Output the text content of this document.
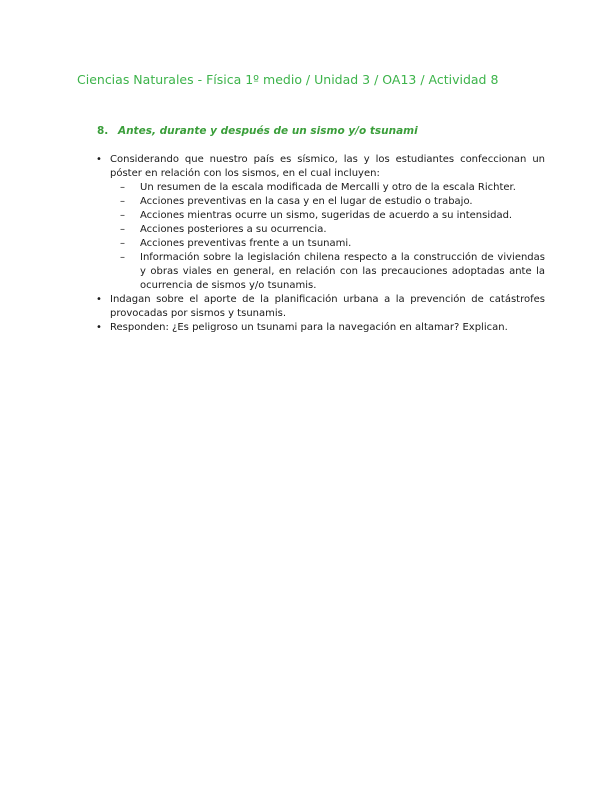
Ciencias Naturales - Física 1º medio / Unidad 3 / OA13 / Actividad 8
8. Antes, durante y después de un sismo y/o tsunami
• Considerando que nuestro país es sísmico, las y los estudiantes confeccionan un póster en relación con los sismos, en el cual incluyen:
– Un resumen de la escala modificada de Mercalli y otro de la escala Richter.
– Acciones preventivas en la casa y en el lugar de estudio o trabajo.
– Acciones mientras ocurre un sismo, sugeridas de acuerdo a su intensidad.
– Acciones posteriores a su ocurrencia.
– Acciones preventivas frente a un tsunami.
– Información sobre la legislación chilena respecto a la construcción de viviendas y obras viales en general, en relación con las precauciones adoptadas ante la ocurrencia de sismos y/o tsunamis.
• Indagan sobre el aporte de la planificación urbana a la prevención de catástrofes provocadas por sismos y tsunamis.
• Responden: ¿Es peligroso un tsunami para la navegación en altamar? Explican.
